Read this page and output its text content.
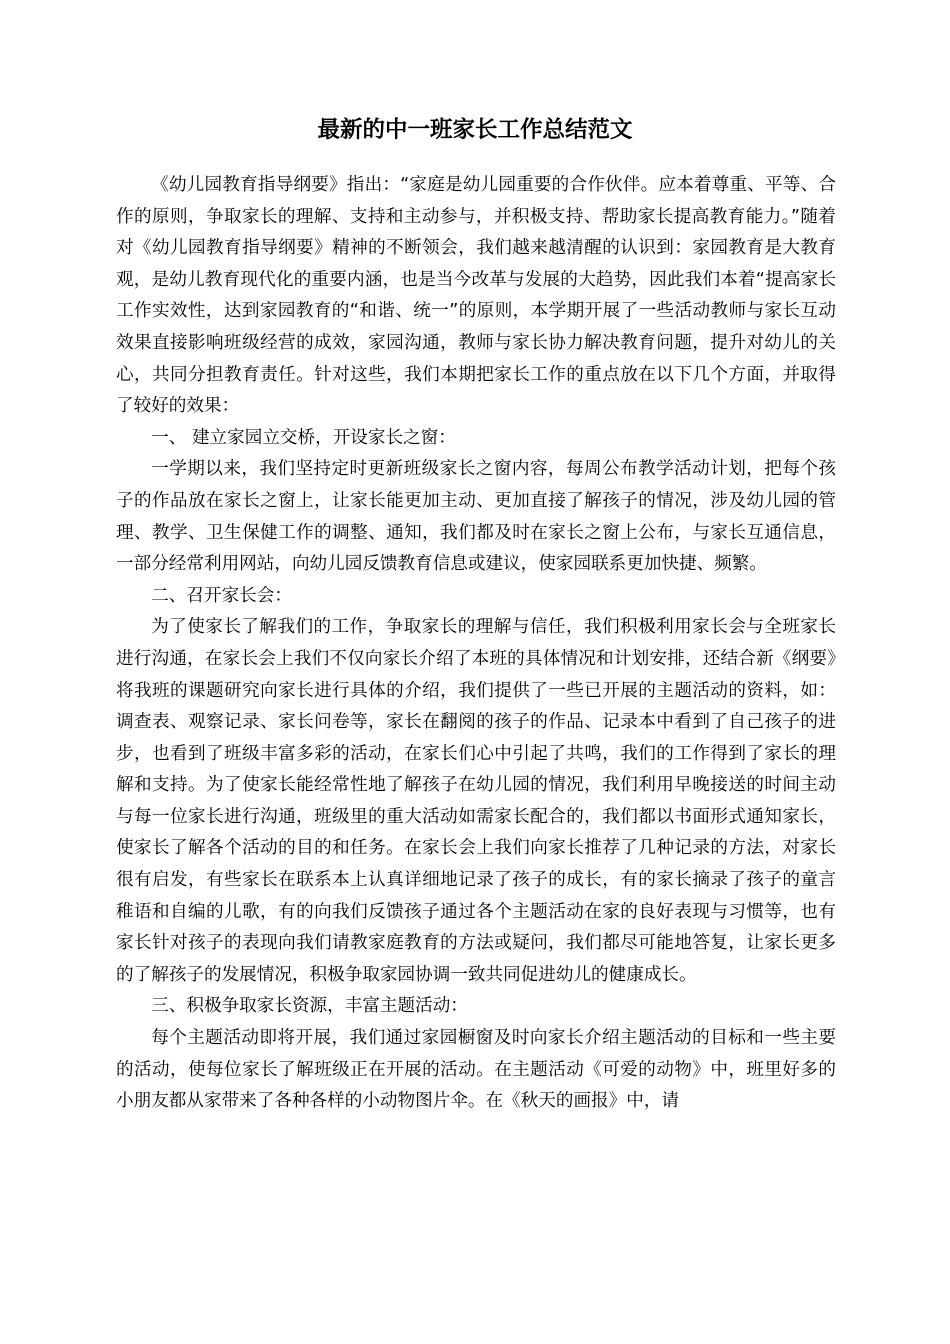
最新的中一班家长工作总结范文

《幼儿园教育指导纲要》指出：“家庭是幼儿园重要的合作伙伴。应本着尊重、平等、合作的原则，争取家长的理解、支持和主动参与，并积极支持、帮助家长提高教育能力。”随着对《幼儿园教育指导纲要》精神的不断领会，我们越来越清醒的认识到：家园教育是大教育观，是幼儿教育现代化的重要内涵，也是当今改革与发展的大趋势，因此我们本着“提高家长工作实效性，达到家园教育的“和谐、统一”的原则，本学期开展了一些活动教师与家长互动效果直接影响班级经营的成效，家园沟通，教师与家长协力解决教育问题，提升对幼儿的关心，共同分担教育责任。针对这些，我们本期把家长工作的重点放在以下几个方面，并取得了较好的效果：

一、 建立家园立交桥，开设家长之窗：

一学期以来，我们坚持定时更新班级家长之窗内容，每周公布教学活动计划，把每个孩子的作品放在家长之窗上，让家长能更加主动、更加直接了解孩子的情况，涉及幼儿园的管理、教学、卫生保健工作的调整、通知，我们都及时在家长之窗上公布，与家长互通信息，一部分经常利用网站，向幼儿园反馈教育信息或建议，使家园联系更加快捷、频繁。

二、召开家长会：

为了使家长了解我们的工作，争取家长的理解与信任，我们积极利用家长会与全班家长进行沟通，在家长会上我们不仅向家长介绍了本班的具体情况和计划安排，还结合新《纲要》将我班的课题研究向家长进行具体的介绍，我们提供了一些已开展的主题活动的资料，如：调查表、观察记录、家长问卷等，家长在翻阅的孩子的作品、记录本中看到了自己孩子的进步，也看到了班级丰富多彩的活动，在家长们心中引起了共鸣，我们的工作得到了家长的理解和支持。为了使家长能经常性地了解孩子在幼儿园的情况，我们利用早晚接送的时间主动与每一位家长进行沟通，班级里的重大活动如需家长配合的，我们都以书面形式通知家长，使家长了解各个活动的目的和任务。在家长会上我们向家长推荐了几种记录的方法，对家长很有启发，有些家长在联系本上认真详细地记录了孩子的成长，有的家长摘录了孩子的童言稚语和自编的儿歌，有的向我们反馈孩子通过各个主题活动在家的良好表现与习惯等，也有家长针对孩子的表现向我们请教家庭教育的方法或疑问，我们都尽可能地答复，让家长更多的了解孩子的发展情况，积极争取家园协调一致共同促进幼儿的健康成长。

三、积极争取家长资源，丰富主题活动：

每个主题活动即将开展，我们通过家园橱窗及时向家长介绍主题活动的目标和一些主要的活动，使每位家长了解班级正在开展的活动。在主题活动《可爱的动物》中，班里好多的小朋友都从家带来了各种各样的小动物图片伞。在《秋天的画报》中，请
